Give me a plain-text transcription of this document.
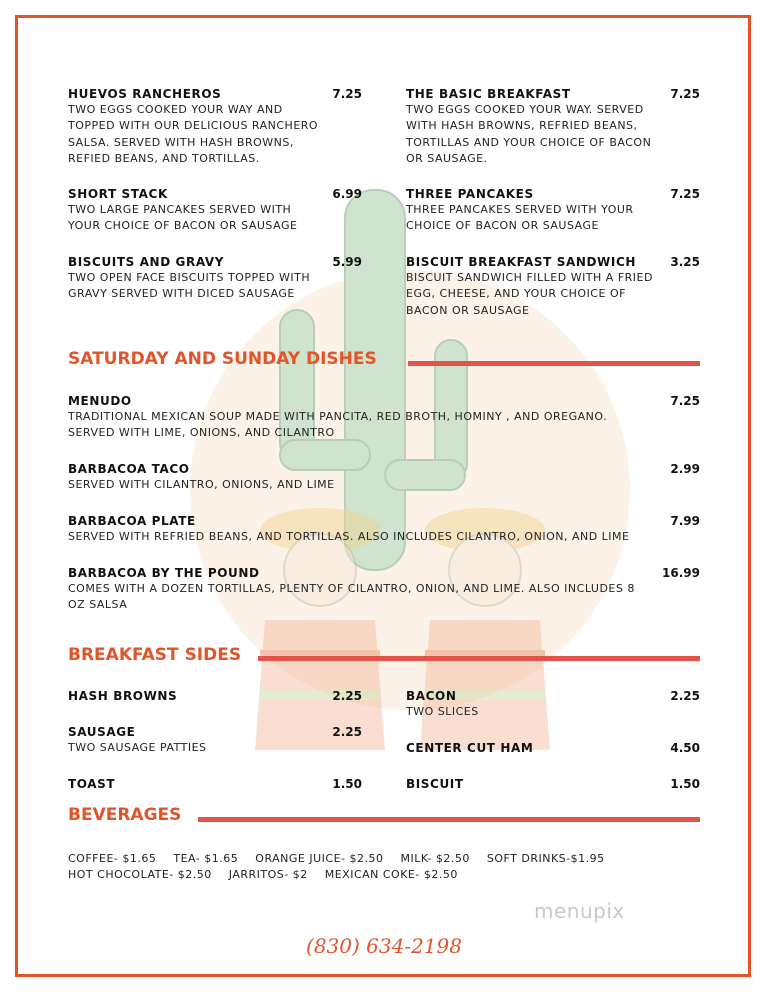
HUEVOS RANCHEROS	7.25
TWO EGGS COOKED YOUR WAY AND
TOPPED WITH OUR DELICIOUS RANCHERO
SALSA. SERVED WITH HASH BROWNS,
REFIED BEANS, AND TORTILLAS.
SHORT STACK	6.99
TWO LARGE PANCAKES SERVED WITH
YOUR CHOICE OF BACON OR SAUSAGE
BISCUITS AND GRAVY	5.99
TWO OPEN FACE BISCUITS TOPPED WITH
GRAVY SERVED WITH DICED SAUSAGE
THE BASIC BREAKFAST	7.25
TWO EGGS COOKED YOUR WAY. SERVED
WITH HASH BROWNS, REFRIED BEANS,
TORTILLAS AND YOUR CHOICE OF BACON
OR SAUSAGE.
THREE PANCAKES	7.25
THREE PANCAKES SERVED WITH YOUR
CHOICE OF BACON OR SAUSAGE
BISCUIT BREAKFAST SANDWICH	3.25
BISCUIT SANDWICH FILLED WITH A FRIED
EGG, CHEESE, AND YOUR CHOICE OF
BACON OR SAUSAGE
SATURDAY AND SUNDAY DISHES
MENUDO	7.25
TRADITIONAL MEXICAN SOUP MADE WITH PANCITA, RED BROTH, HOMINY , AND OREGANO.
SERVED WITH LIME, ONIONS, AND CILANTRO
BARBACOA TACO	2.99
SERVED WITH CILANTRO, ONIONS, AND LIME
BARBACOA PLATE	7.99
SERVED WITH REFRIED BEANS, AND TORTILLAS. ALSO INCLUDES CILANTRO, ONION, AND LIME
BARBACOA BY THE POUND	16.99
COMES WITH A DOZEN TORTILLAS, PLENTY OF CILANTRO, ONION, AND LIME. ALSO INCLUDES 8
OZ SALSA
BREAKFAST SIDES
HASH BROWNS	2.25
SAUSAGE	2.25
TWO SAUSAGE PATTIES
TOAST	1.50
BACON	2.25
TWO SLICES
CENTER CUT HAM	4.50
BISCUIT	1.50
BEVERAGES
COFFEE- $1.65 TEA- $1.65 ORANGE JUICE- $2.50 MILK- $2.50 SOFT DRINKS-$1.95
HOT CHOCOLATE- $2.50 JARRITOS- $2 MEXICAN COKE- $2.50
menupix
(830) 634-2198
